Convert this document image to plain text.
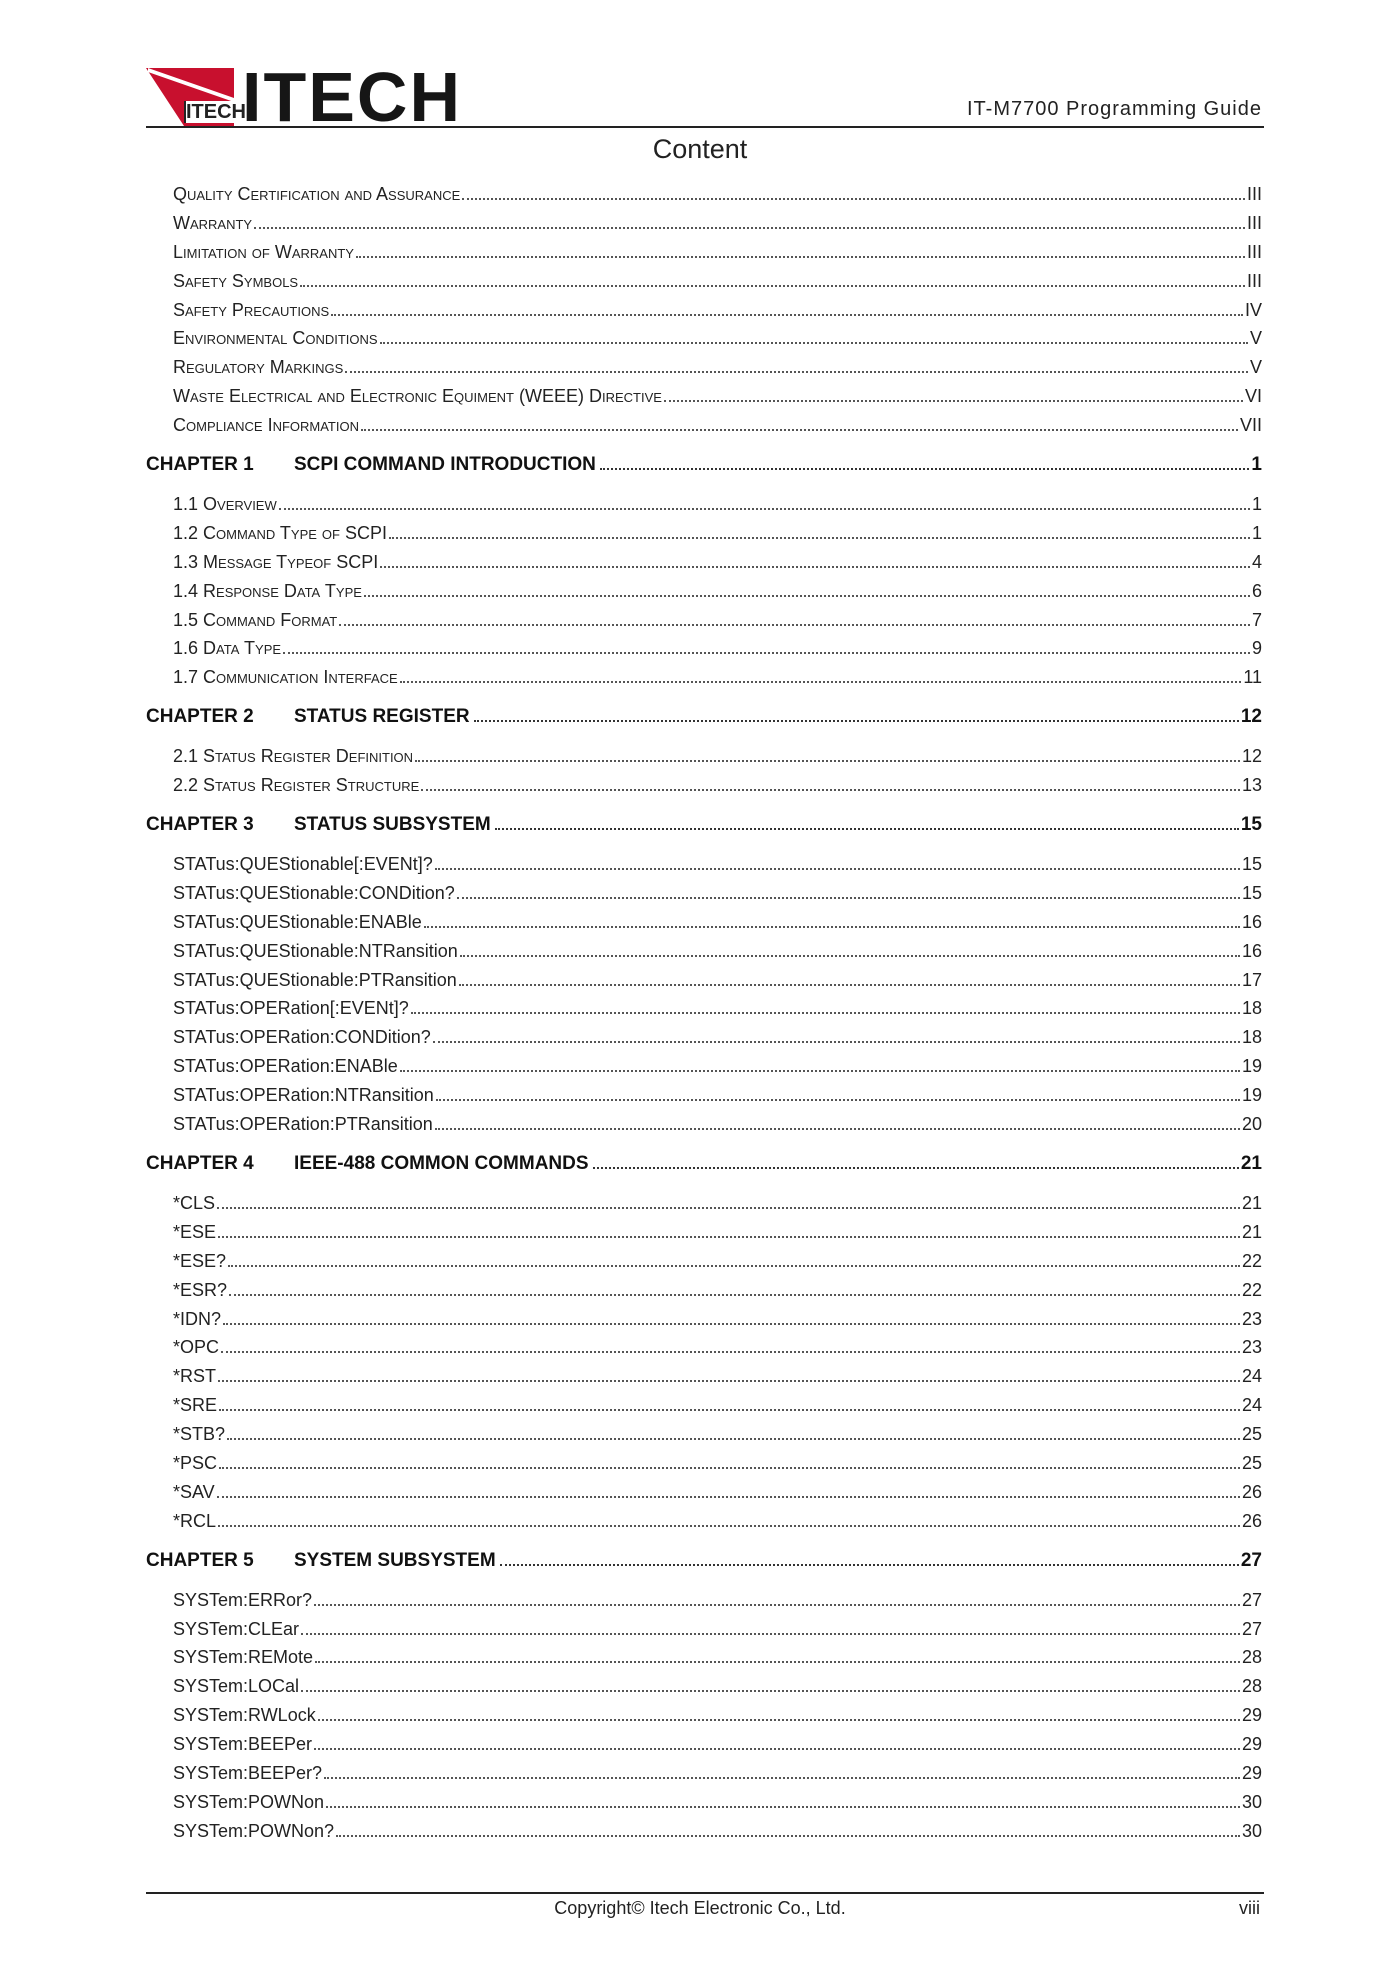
ITECH
ITECH	IT-M7700 Programming Guide
Content
Quality Certification and Assurance	III
Warranty	III
Limitation of Warranty	III
Safety Symbols	III
Safety Precautions	IV
Environmental Conditions	V
Regulatory Markings	V
Waste Electrical and Electronic Equiment (WEEE) Directive	VI
Compliance Information	VII
CHAPTER 1	SCPI COMMAND INTRODUCTION	1
1.1 Overview	1
1.2 Command Type of SCPI	1
1.3 Message Typeof SCPI	4
1.4 Response Data Type	6
1.5 Command Format	7
1.6 Data Type	9
1.7 Communication Interface	11
CHAPTER 2	STATUS REGISTER	12
2.1 Status Register Definition	12
2.2 Status Register Structure	13
CHAPTER 3	STATUS SUBSYSTEM	15
STATus:QUEStionable[:EVENt]?	15
STATus:QUEStionable:CONDition?	15
STATus:QUEStionable:ENABle	16
STATus:QUEStionable:NTRansition	16
STATus:QUEStionable:PTRansition	17
STATus:OPERation[:EVENt]?	18
STATus:OPERation:CONDition?	18
STATus:OPERation:ENABle	19
STATus:OPERation:NTRansition	19
STATus:OPERation:PTRansition	20
CHAPTER 4	IEEE-488 COMMON COMMANDS	21
*CLS	21
*ESE	21
*ESE?	22
*ESR?	22
*IDN?	23
*OPC	23
*RST	24
*SRE	24
*STB?	25
*PSC	25
*SAV	26
*RCL	26
CHAPTER 5	SYSTEM SUBSYSTEM	27
SYSTem:ERRor?	27
SYSTem:CLEar	27
SYSTem:REMote	28
SYSTem:LOCal	28
SYSTem:RWLock	29
SYSTem:BEEPer	29
SYSTem:BEEPer?	29
SYSTem:POWNon	30
SYSTem:POWNon?	30
Copyright© Itech Electronic Co., Ltd.	viii
